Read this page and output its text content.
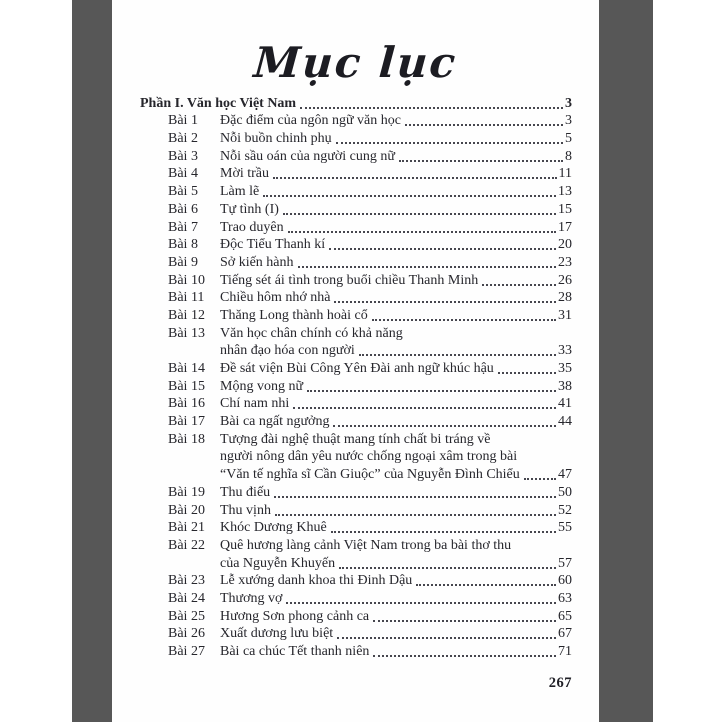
Mục lục
Phần I. Văn học Việt Nam	3
Bài 1	Đặc điểm của ngôn ngữ văn học	3
Bài 2	Nỗi buồn chinh phụ	5
Bài 3	Nỗi sầu oán của người cung nữ	8
Bài 4	Mời trầu	11
Bài 5	Làm lẽ	13
Bài 6	Tự tình (I)	15
Bài 7	Trao duyên	17
Bài 8	Độc Tiểu Thanh kí	20
Bài 9	Sở kiến hành	23
Bài 10	Tiếng sét ái tình trong buổi chiều Thanh Minh	26
Bài 11	Chiều hôm nhớ nhà	28
Bài 12	Thăng Long thành hoài cổ	31
Bài 13	Văn học chân chính có khả năng
nhân đạo hóa con người	33
Bài 14	Đề sát viện Bùi Công Yên Đài anh ngữ khúc hậu	35
Bài 15	Mộng vong nữ	38
Bài 16	Chí nam nhi	41
Bài 17	Bài ca ngất ngưởng	44
Bài 18	Tượng đài nghệ thuật mang tính chất bi tráng về
người nông dân yêu nước chống ngoại xâm trong bài
“Văn tế nghĩa sĩ Cần Giuộc” của Nguyễn Đình Chiểu	47
Bài 19	Thu điếu	50
Bài 20	Thu vịnh	52
Bài 21	Khóc Dương Khuê	55
Bài 22	Quê hương làng cảnh Việt Nam trong ba bài thơ thu
của Nguyễn Khuyến	57
Bài 23	Lễ xướng danh khoa thi Đinh Dậu	60
Bài 24	Thương vợ	63
Bài 25	Hương Sơn phong cảnh ca	65
Bài 26	Xuất dương lưu biệt	67
Bài 27	Bài ca chúc Tết thanh niên	71
267
